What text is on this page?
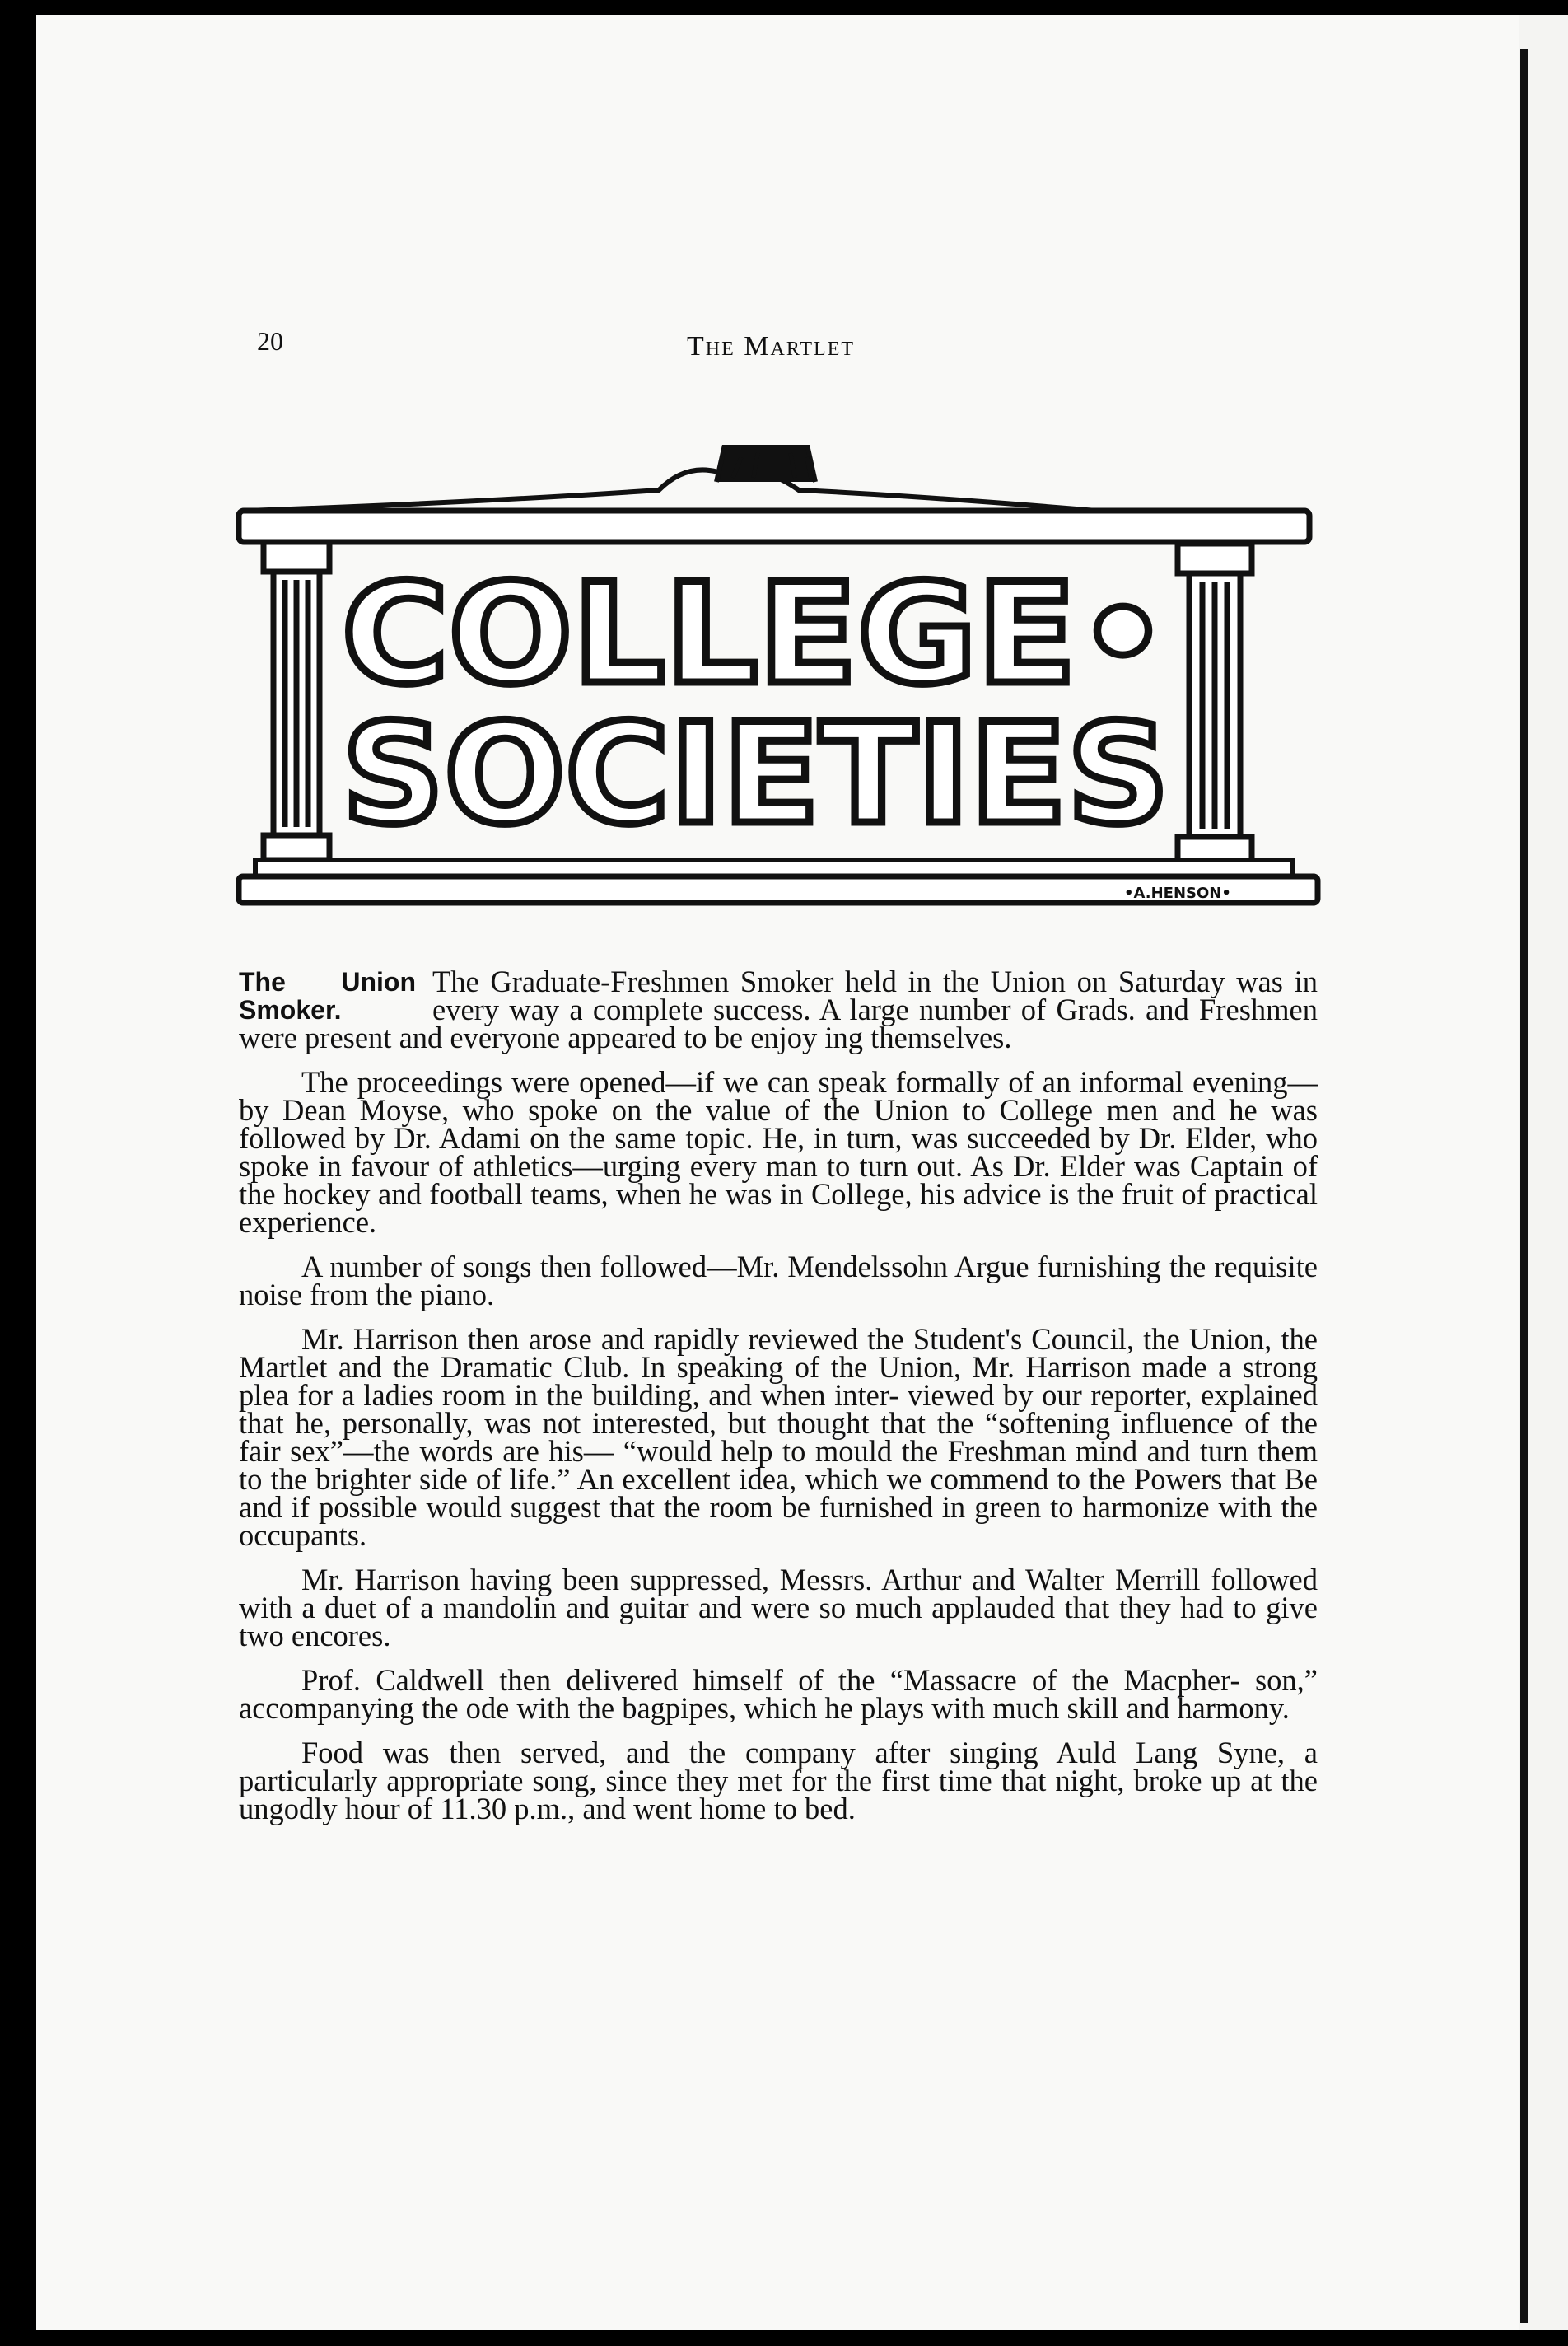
20	The Martlet
COLLEGE•
SOCIETIES
•A.HENSON•

The Union Smoker.
The Graduate-Freshmen Smoker held in the Union on Saturday was in every way a complete success. A large number of Grads. and Freshmen were present and everyone appeared to be enjoy ing themselves.

The proceedings were opened—if we can speak formally of an informal evening—by Dean Moyse, who spoke on the value of the Union to College men and he was followed by Dr. Adami on the same topic. He, in turn, was succeeded by Dr. Elder, who spoke in favour of athletics—urging every man to turn out. As Dr. Elder was Captain of the hockey and football teams, when he was in College, his advice is the fruit of practical experience.

A number of songs then followed—Mr. Mendelssohn Argue furnishing the requisite noise from the piano.

Mr. Harrison then arose and rapidly reviewed the Student's Council, the Union, the Martlet and the Dramatic Club. In speaking of the Union, Mr. Harrison made a strong plea for a ladies room in the building, and when inter- viewed by our reporter, explained that he, personally, was not interested, but thought that the “softening influence of the fair sex”—the words are his— “would help to mould the Freshman mind and turn them to the brighter side of life.” An excellent idea, which we commend to the Powers that Be and if possible would suggest that the room be furnished in green to harmonize with the occupants.

Mr. Harrison having been suppressed, Messrs. Arthur and Walter Merrill followed with a duet of a mandolin and guitar and were so much applauded that they had to give two encores.

Prof. Caldwell then delivered himself of the “Massacre of the Macpher- son,” accompanying the ode with the bagpipes, which he plays with much skill and harmony.

Food was then served, and the company after singing Auld Lang Syne, a particularly appropriate song, since they met for the first time that night, broke up at the ungodly hour of 11.30 p.m., and went home to bed.
